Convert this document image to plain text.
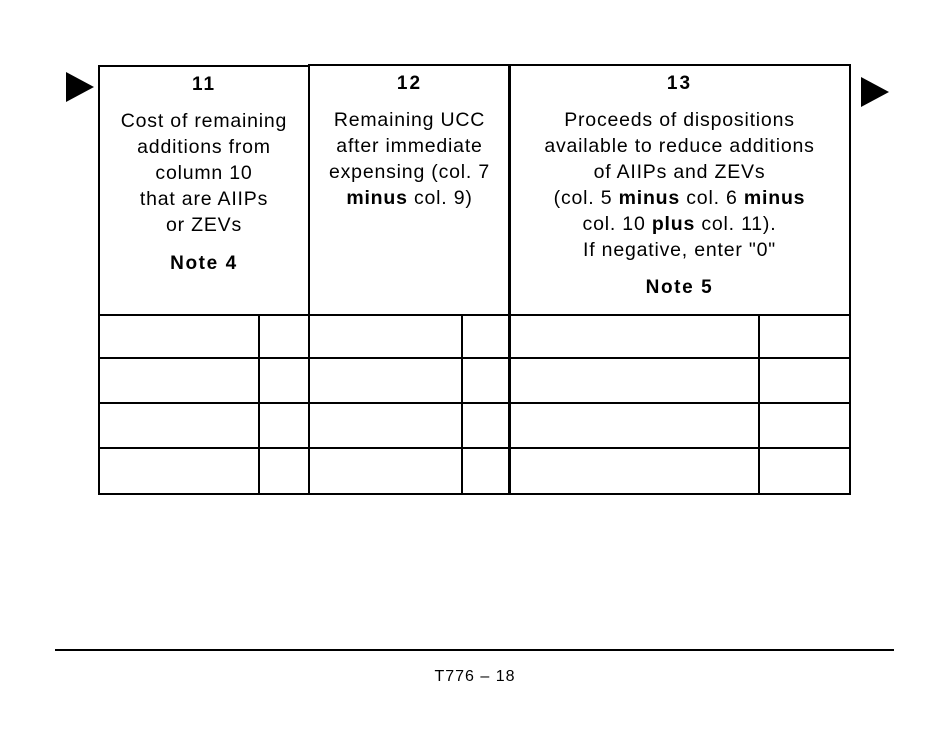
11
Cost of remaining
additions from
column 10
that are AIIPs
or ZEVs
Note 4
12
Remaining UCC
after immediate
expensing (col. 7
minus col. 9)
13
Proceeds of dispositions
available to reduce additions
of AIIPs and ZEVs
(col. 5 minus col. 6 minus
col. 10 plus col. 11).
If negative, enter "0"
Note 5
T776 – 18
